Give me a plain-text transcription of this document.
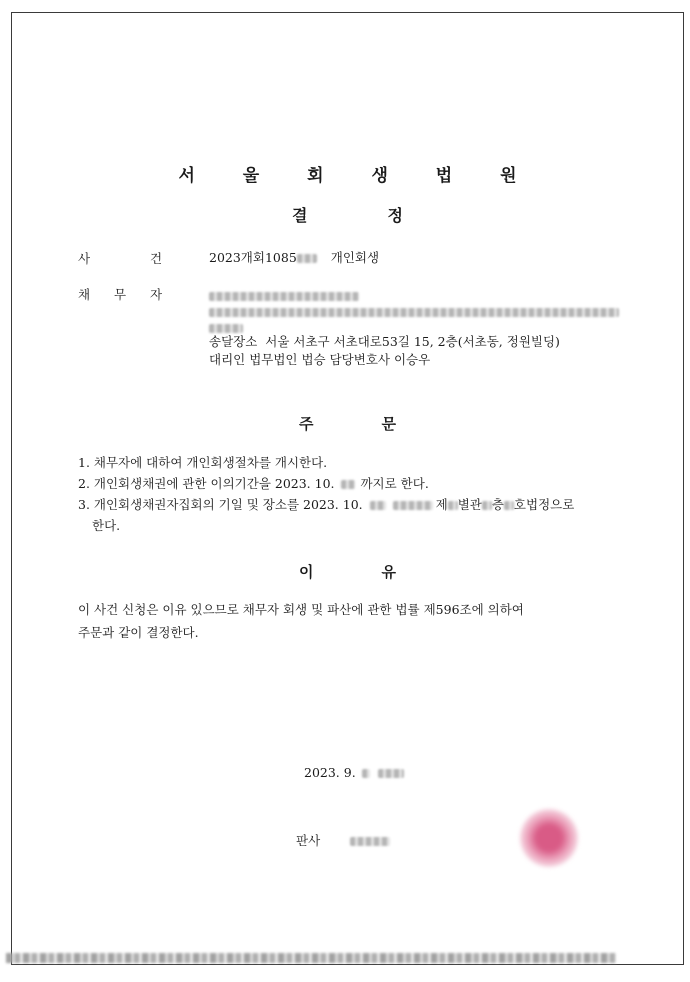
서 울 회 생 법 원
결	정
사	건	2023개회1085	개인회생
채 무 자
송달장소  서울 서초구 서초대로53길 15, 2층(서초동, 정원빌딩)
대리인 법무법인 법승 담당변호사 이승우
주	문
1. 채무자에 대하여 개인회생절차를 개시한다.
2. 개인회생채권에 관한 이의기간을 2023. 10. 까지로 한다.
3. 개인회생채권자집회의 기일 및 장소를 2023. 10.	제 별관 층 호법정으로
한다.
이	유
이 사건 신청은 이유 있으므로 채무자 회생 및 파산에 관한 법률 제596조에 의하여
주문과 같이 결정한다.
2023. 9.
판사
